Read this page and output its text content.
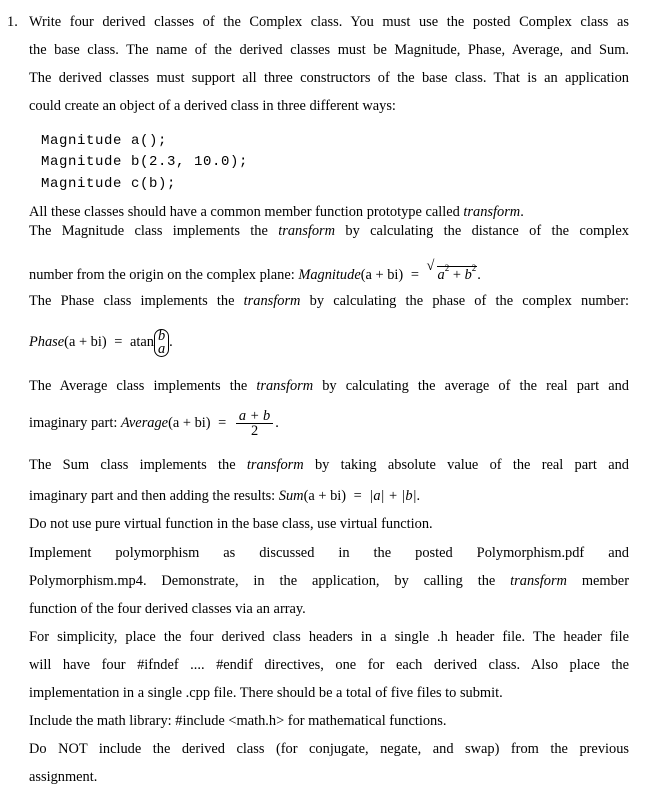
1. Write four derived classes of the Complex class. You must use the posted Complex class as
the base class. The name of the derived classes must be Magnitude, Phase, Average, and Sum.
The derived classes must support all three constructors of the base class. That is an application
could create an object of a derived class in three different ways:
Magnitude a();
Magnitude b(2.3, 10.0);
Magnitude c(b);
All these classes should have a common member function prototype called transform.
The Magnitude class implements the transform by calculating the distance of the complex
number from the origin on the complex plane: Magnitude(a + bi) =
√
$a^2 + b^2$.
The Phase class implements the transform by calculating the phase of the complex number:
Phase(a + bi) = atan b
a .
The Average class implements the transform by calculating the average of the real part and
imaginary part: Average(a + $bi) = \frac{a + b}{2}$ .
The Sum class implements the transform by taking absolute value of the real part and
imaginary part and then adding the results: Sum(a + bi) = |a| + |b|.
Do not use pure virtual function in the base class, use virtual function.
Implement polymorphism as discussed in the posted Polymorphism.pdf and
Polymorphism.mp4. Demonstrate, in the application, by calling the transform member
function of the four derived classes via an array.
For simplicity, place the four derived class headers in a single .h header file. The header file
will have four #ifndef .... #endif directives, one for each derived class. Also place the
implementation in a single .cpp file. There should be a total of five files to submit.
Include the math library: #include <math.h> for mathematical functions.
Do NOT include the derived class (for conjugate, negate, and swap) from the previous
assignment.
